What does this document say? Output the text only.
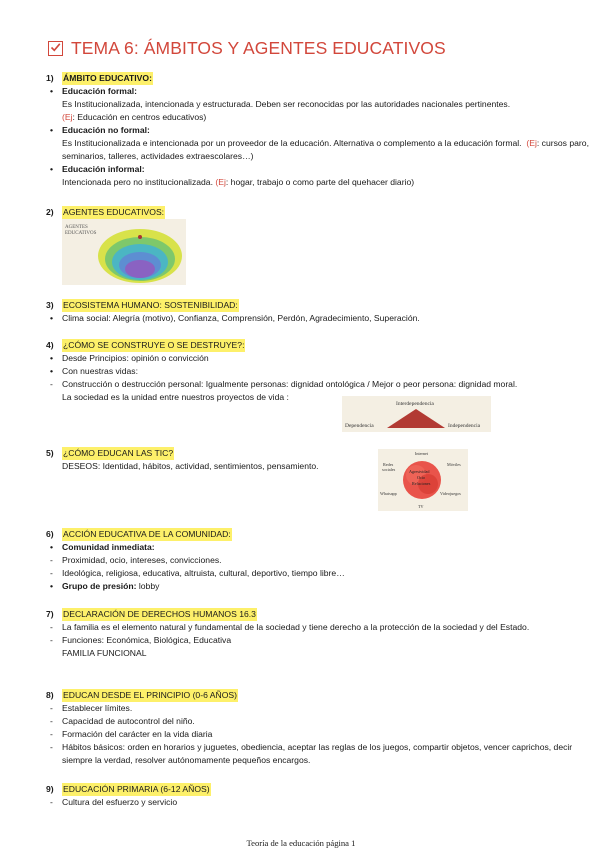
TEMA 6: ÁMBITOS Y AGENTES EDUCATIVOS
1)	ÁMBITO EDUCATIVO:
• Educación formal:
Es Institucionalizada, intencionada y estructurada. Deben ser reconocidas por las autoridades nacionales pertinentes.
(Ej: Educación en centros educativos)
• Educación no formal:
Es Institucionalizada e intencionada por un proveedor de la educación. Alternativa o complemento a la educación formal. (Ej: cursos paro, seminarios, talleres, actividades extraescolares…)
• Educación informal:
Intencionada pero no institucionalizada. (Ej: hogar, trabajo o como parte del quehacer diario)
2)	AGENTES EDUCATIVOS:
AGENTES
EDUCATIVOS
3)	ECOSISTEMA HUMANO: SOSTENIBILIDAD:
• Clima social: Alegría (motivo), Confianza, Comprensión, Perdón, Agradecimiento, Superación.
4)	¿CÓMO SE CONSTRUYE O SE DESTRUYE?:
• Desde Principios: opinión o convicción
• Con nuestras vidas:
- Construcción o destrucción personal: Igualmente personas: dignidad ontológica / Mejor o peor persona: dignidad moral.
La sociedad es la unidad entre nuestros proyectos de vida :
Interdependencia
Dependencia	Independencia
5)	¿CÓMO EDUCAN LAS TIC?
DESEOS: Identidad, hábitos, actividad, sentimientos, pensamiento.
Internet
Redes
sociales
Móviles
Agresividad
Ocio
Relaciones
Whatsapp	Videojuegos
TV
6)	ACCIÓN EDUCATIVA DE LA COMUNIDAD:
• Comunidad inmediata:
- Proximidad, ocio, intereses, convicciones.
- Ideológica, religiosa, educativa, altruista, cultural, deportivo, tiempo libre…
• Grupo de presión: lobby
7)	DECLARACIÓN DE DERECHOS HUMANOS 16.3
- La familia es el elemento natural y fundamental de la sociedad y tiene derecho a la protección de la sociedad y del Estado.
- Funciones: Económica, Biológica, Educativa
FAMILIA FUNCIONAL
8)	EDUCAN DESDE EL PRINCIPIO (0-6 AÑOS)
- Establecer límites.
- Capacidad de autocontrol del niño.
- Formación del carácter en la vida diaria
- Hábitos básicos: orden en horarios y juguetes, obediencia, aceptar las reglas de los juegos, compartir objetos, vencer caprichos, decir siempre la verdad, resolver autónomamente pequeños encargos.
9)	EDUCACIÓN PRIMARIA (6-12 AÑOS)
- Cultura del esfuerzo y servicio
Teoría de la educación página 1
